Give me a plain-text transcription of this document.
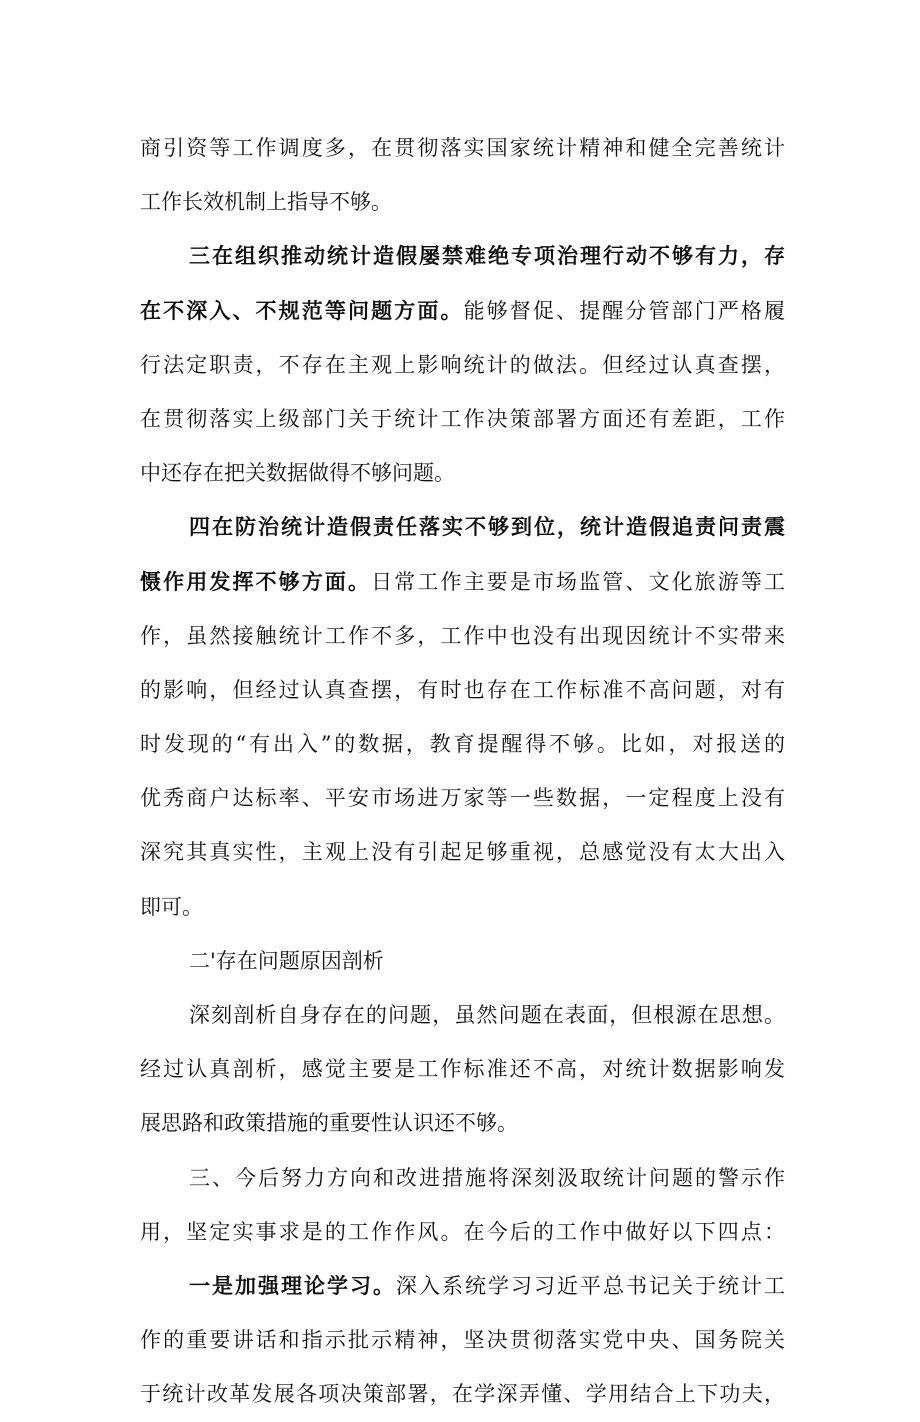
商引资等工作调度多，在贯彻落实国家统计精神和健全完善统计
工作长效机制上指导不够。
三在组织推动统计造假屡禁难绝专项治理行动不够有力，存
在不深入、不规范等问题方面。能够督促、提醒分管部门严格履
行法定职责，不存在主观上影响统计的做法。但经过认真查摆，
在贯彻落实上级部门关于统计工作决策部署方面还有差距，工作
中还存在把关数据做得不够问题。
四在防治统计造假责任落实不够到位，统计造假追责问责震
慑作用发挥不够方面。日常工作主要是市场监管、文化旅游等工
作，虽然接触统计工作不多，工作中也没有出现因统计不实带来
的影响，但经过认真查摆，有时也存在工作标准不高问题，对有
时发现的“有出入”的数据，教育提醒得不够。比如，对报送的
优秀商户达标率、平安市场进万家等一些数据，一定程度上没有
深究其真实性，主观上没有引起足够重视，总感觉没有太大出入
即可。
二'存在问题原因剖析
深刻剖析自身存在的问题，虽然问题在表面，但根源在思想。
经过认真剖析，感觉主要是工作标准还不高，对统计数据影响发
展思路和政策措施的重要性认识还不够。
三、今后努力方向和改进措施将深刻汲取统计问题的警示作
用，坚定实事求是的工作作风。在今后的工作中做好以下四点：
一是加强理论学习。深入系统学习习近平总书记关于统计工
作的重要讲话和指示批示精神，坚决贯彻落实党中央、国务院关
于统计改革发展各项决策部署，在学深弄懂、学用结合上下功夫，
